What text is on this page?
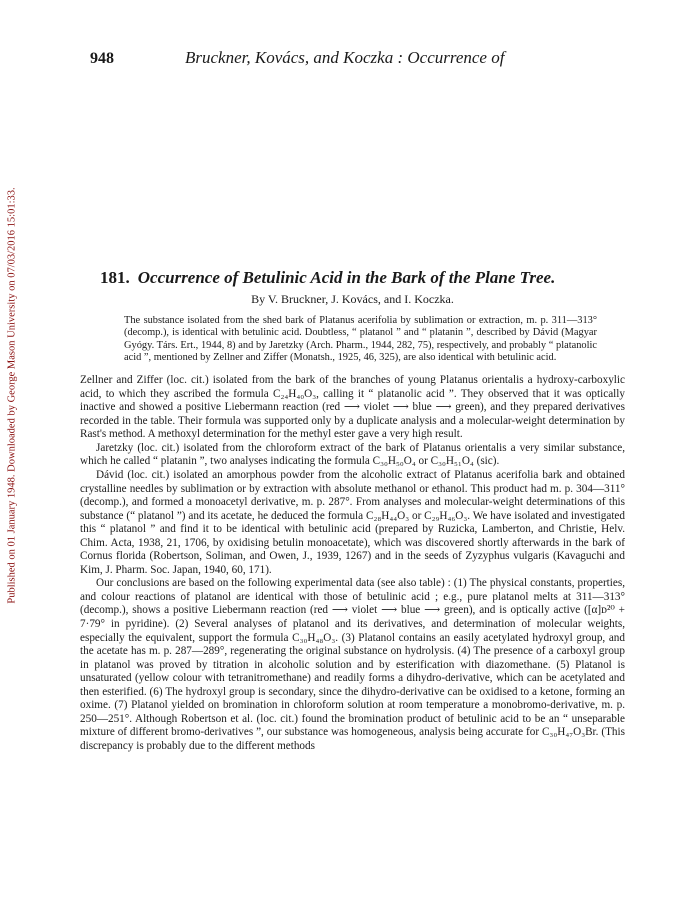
Published on 01 January 1948. Downloaded by George Mason University on 07/03/2016 15:01:33.
948	Bruckner, Kovács, and Koczka : Occurrence of
181. Occurrence of Betulinic Acid in the Bark of the Plane Tree.
By V. Bruckner, J. Kovács, and I. Koczka.
The substance isolated from the shed bark of Platanus acerifolia by sublimation or extraction, m. p. 311—313° (decomp.), is identical with betulinic acid. Doubtless, “ platanol ” and “ platanin ”, described by Dávid (Magyar Gyógy. Társ. Ert., 1944, 8) and by Jaretzky (Arch. Pharm., 1944, 282, 75), respectively, and probably “ platanolic acid ”, mentioned by Zellner and Ziffer (Monatsh., 1925, 46, 325), are also identical with betulinic acid.

Zellner and Ziffer (loc. cit.) isolated from the bark of the branches of young Platanus orientalis a hydroxy-carboxylic acid, to which they ascribed the formula C₂₄H₄₀O₃, calling it “ platanolic acid ”. They observed that it was optically inactive and showed a positive Liebermann reaction (red ⟶ violet ⟶ blue ⟶ green), and they prepared derivatives recorded in the table. Their formula was supported only by a duplicate analysis and a molecular-weight determination by Rast's method. A methoxyl determination for the methyl ester gave a very high result.

Jaretzky (loc. cit.) isolated from the chloroform extract of the bark of Platanus orientalis a very similar substance, which he called “ platanin ”, two analyses indicating the formula C₃₀H₅₀O₄ or C₃₀H₅₁O₄ (sic).

Dávid (loc. cit.) isolated an amorphous powder from the alcoholic extract of Platanus acerifolia bark and obtained crystalline needles by sublimation or by extraction with absolute methanol or ethanol. This product had m. p. 304—311° (decomp.), and formed a monoacetyl derivative, m. p. 287°. From analyses and molecular-weight determinations of this substance (“ platanol ”) and its acetate, he deduced the formula C₂₈H₄₄O₃ or C₂₉H₄₆O₃. We have isolated and investigated this “ platanol ” and find it to be identical with betulinic acid (prepared by Ruzicka, Lamberton, and Christie, Helv. Chim. Acta, 1938, 21, 1706, by oxidising betulin monoacetate), which was discovered shortly afterwards in the bark of Cornus florida (Robertson, Soliman, and Owen, J., 1939, 1267) and in the seeds of Zyzyphus vulgaris (Kavaguchi and Kim, J. Pharm. Soc. Japan, 1940, 60, 171).

Our conclusions are based on the following experimental data (see also table) : (1) The physical constants, properties, and colour reactions of platanol are identical with those of betulinic acid ; e.g., pure platanol melts at 311—313° (decomp.), shows a positive Liebermann reaction (red ⟶ violet ⟶ blue ⟶ green), and is optically active ([α]ᴅ²⁰ + 7·79° in pyridine). (2) Several analyses of platanol and its derivatives, and determination of molecular weights, especially the equivalent, support the formula C₃₀H₄₈O₃. (3) Platanol contains an easily acetylated hydroxyl group, and the acetate has m. p. 287—289°, regenerating the original substance on hydrolysis. (4) The presence of a carboxyl group in platanol was proved by titration in alcoholic solution and by esterification with diazomethane. (5) Platanol is unsaturated (yellow colour with tetranitromethane) and readily forms a dihydro-derivative, which can be acetylated and then esterified. (6) The hydroxyl group is secondary, since the dihydro-derivative can be oxidised to a ketone, forming an oxime. (7) Platanol yielded on bromination in chloroform solution at room temperature a monobromo-derivative, m. p. 250—251°. Although Robertson et al. (loc. cit.) found the bromination product of betulinic acid to be an “ unseparable mixture of different bromo-derivatives ”, our substance was homogeneous, analysis being accurate for C₃₀H₄₇O₃Br. (This discrepancy is probably due to the different methods
